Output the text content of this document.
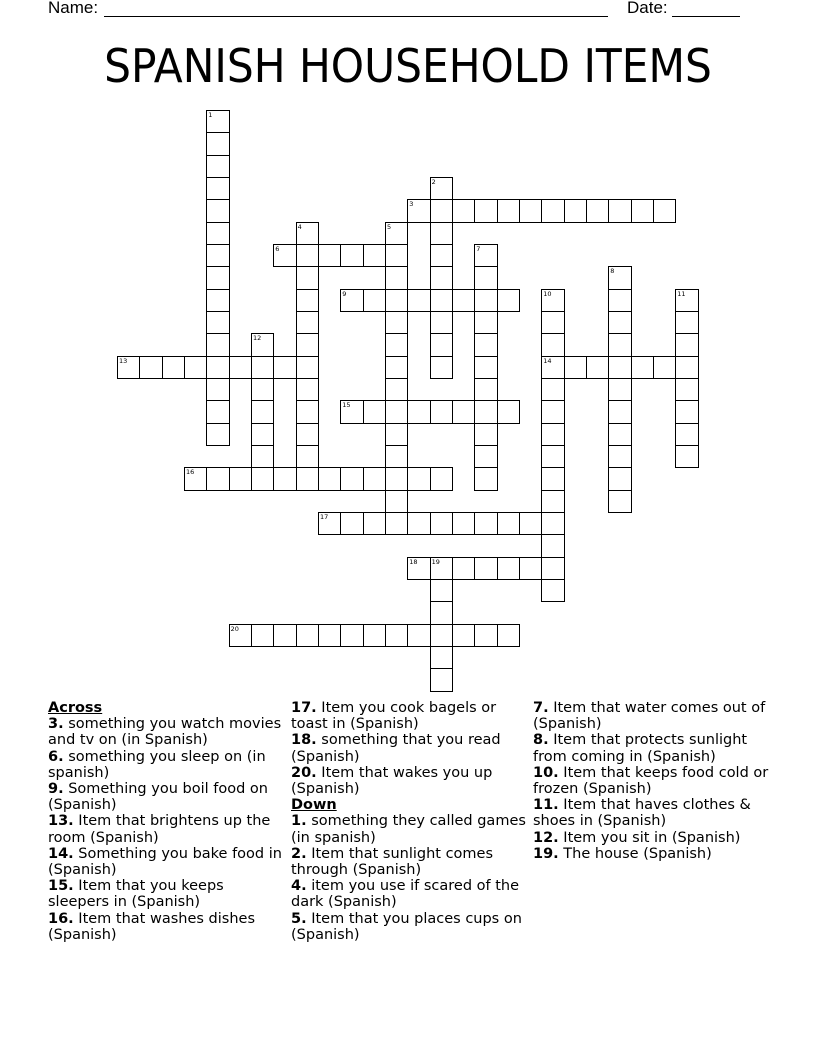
Name:	Date:
SPANISH HOUSEHOLD ITEMS
1
2
3
4	5
6	7
8
9	10
14
11
12
13
15
16
17
18 19
20

Across

3. something you watch movies and tv on (in Spanish)
6. something you sleep on (in spanish)
9. Something you boil food on (Spanish)
13. Item that brightens up the room (Spanish)
14. Something you bake food in (Spanish)
15. Item that you keeps sleepers in (Spanish)
16. Item that washes dishes (Spanish)
17. Item you cook bagels or toast in (Spanish)
18. something that you read (Spanish)
20. Item that wakes you up (Spanish)

Down

1. something they called games (in spanish)
2. Item that sunlight comes through (Spanish)
4. item you use if scared of the dark (Spanish)
5. Item that you places cups on (Spanish)
7. Item that water comes out of (Spanish)
8. Item that protects sunlight from coming in (Spanish)
10. Item that keeps food cold or frozen (Spanish)
11. Item that haves clothes & shoes in (Spanish)
12. Item you sit in (Spanish)
19. The house (Spanish)
